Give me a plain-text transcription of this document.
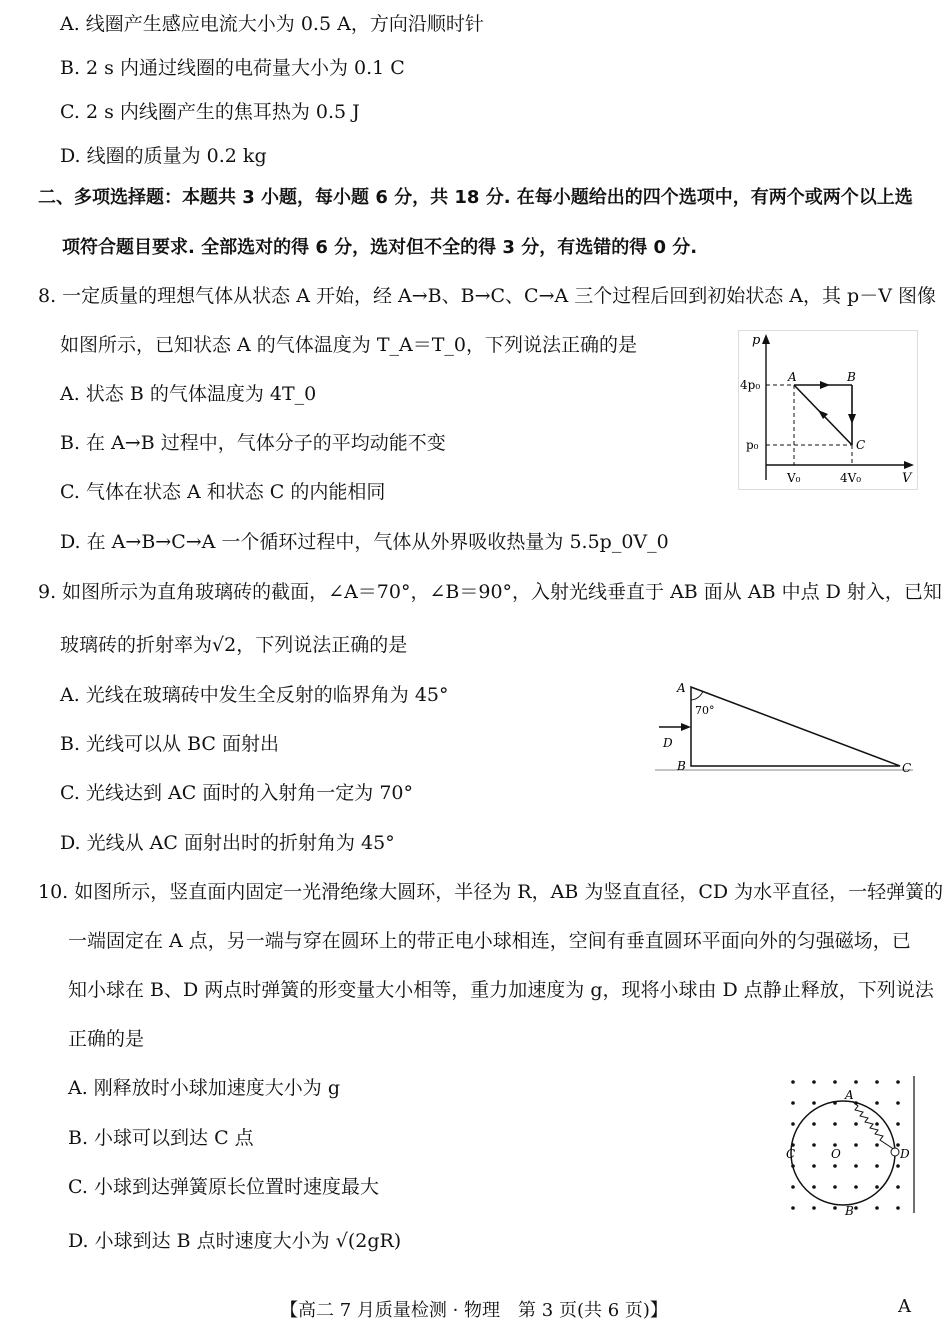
A. 线圈产生感应电流大小为 0.5 A，方向沿顺时针
B. 2 s 内通过线圈的电荷量大小为 0.1 C
C. 2 s 内线圈产生的焦耳热为 0.5 J
D. 线圈的质量为 0.2 kg
二、多项选择题：本题共 3 小题，每小题 6 分，共 18 分. 在每小题给出的四个选项中，有两个或两个以上选
项符合题目要求. 全部选对的得 6 分，选对但不全的得 3 分，有选错的得 0 分.
8. 一定质量的理想气体从状态 A 开始，经 A→B、B→C、C→A 三个过程后回到初始状态 A，其 p－V 图像
如图所示，已知状态 A 的气体温度为 T_A＝T_0，下列说法正确的是
A. 状态 B 的气体温度为 4T_0
B. 在 A→B 过程中，气体分子的平均动能不变
C. 气体在状态 A 和状态 C 的内能相同
D. 在 A→B→C→A 一个循环过程中，气体从外界吸收热量为 5.5p_0V_0
p
V
A	B
C
4p₀
p₀
V₀	4V₀
9. 如图所示为直角玻璃砖的截面，∠A＝70°，∠B＝90°，入射光线垂直于 AB 面从 AB 中点 D 射入，已知
玻璃砖的折射率为√2，下列说法正确的是
A. 光线在玻璃砖中发生全反射的临界角为 45°
B. 光线可以从 BC 面射出
C. 光线达到 AC 面时的入射角一定为 70°
D. 光线从 AC 面射出时的折射角为 45°
70°
D
A
B	C
10. 如图所示，竖直面内固定一光滑绝缘大圆环，半径为 R，AB 为竖直直径，CD 为水平直径，一轻弹簧的
一端固定在 A 点，另一端与穿在圆环上的带正电小球相连，空间有垂直圆环平面向外的匀强磁场，已
知小球在 B、D 两点时弹簧的形变量大小相等，重力加速度为 g，现将小球由 D 点静止释放，下列说法
正确的是
A. 刚释放时小球加速度大小为 g
B. 小球可以到达 C 点
C. 小球到达弹簧原长位置时速度最大
D. 小球到达 B 点时速度大小为 √(2gR)
A
B
C	D
O
【高二 7 月质量检测 · 物理　第 3 页(共 6 页)】	A
